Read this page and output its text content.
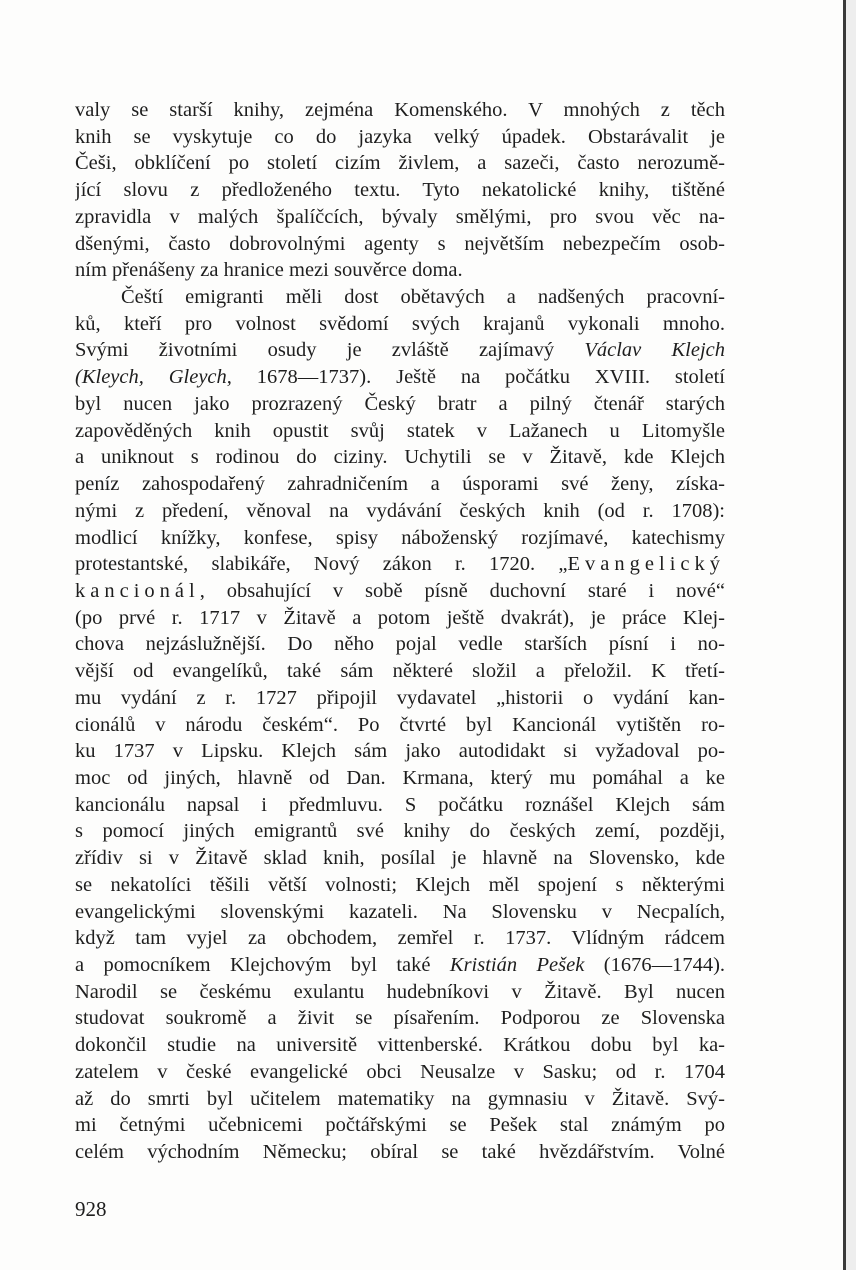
valy se starší knihy, zejména Komenského. V mnohých z těch
knih se vyskytuje co do jazyka velký úpadek. Obstarávalit je
Češi, obklíčení po století cizím živlem, a sazeči, často nerozumě-
jící slovu z předloženého textu. Tyto nekatolické knihy, tištěné
zpravidla v malých špalíčcích, bývaly smělými, pro svou věc na-
dšenými, často dobrovolnými agenty s největším nebezpečím osob-
ním přenášeny za hranice mezi souvěrce doma.
Čeští emigranti měli dost obětavých a nadšených pracovní-
ků, kteří pro volnost svědomí svých krajanů vykonali mnoho.
Svými životními osudy je zvláště zajímavý Václav Klejch
(Kleych, Gleych, 1678—1737). Ještě na počátku XVIII. století
byl nucen jako prozrazený Český bratr a pilný čtenář starých
zapověděných knih opustit svůj statek v Lažanech u Litomyšle
a uniknout s rodinou do ciziny. Uchytili se v Žitavě, kde Klejch
peníz zahospodařený zahradničením a úsporami své ženy, získa-
nými z předení, věnoval na vydávání českých knih (od r. 1708):
modlicí knížky, konfese, spisy náboženský rozjímavé, katechismy
protestantské, slabikáře, Nový zákon r. 1720. „Evangelický
kancionál, obsahující v sobě písně duchovní staré i nové“
(po prvé r. 1717 v Žitavě a potom ještě dvakrát), je práce Klej-
chova nejzáslužnější. Do něho pojal vedle starších písní i no-
vější od evangelíků, také sám některé složil a přeložil. K třetí-
mu vydání z r. 1727 připojil vydavatel „historii o vydání kan-
cionálů v národu českém“. Po čtvrté byl Kancionál vytištěn ro-
ku 1737 v Lipsku. Klejch sám jako autodidakt si vyžadoval po-
moc od jiných, hlavně od Dan. Krmana, který mu pomáhal a ke
kancionálu napsal i předmluvu. S počátku roznášel Klejch sám
s pomocí jiných emigrantů své knihy do českých zemí, později,
zřídiv si v Žitavě sklad knih, posílal je hlavně na Slovensko, kde
se nekatolíci těšili větší volnosti; Klejch měl spojení s některými
evangelickými slovenskými kazateli. Na Slovensku v Necpalích,
když tam vyjel za obchodem, zemřel r. 1737. Vlídným rádcem
a pomocníkem Klejchovým byl také Kristián Pešek (1676—1744).
Narodil se českému exulantu hudebníkovi v Žitavě. Byl nucen
studovat soukromě a živit se písařením. Podporou ze Slovenska
dokončil studie na universitě vittenberské. Krátkou dobu byl ka-
zatelem v české evangelické obci Neusalze v Sasku; od r. 1704
až do smrti byl učitelem matematiky na gymnasiu v Žitavě. Svý-
mi četnými učebnicemi počtářskými se Pešek stal známým po
celém východním Německu; obíral se také hvězdářstvím. Volné
928
